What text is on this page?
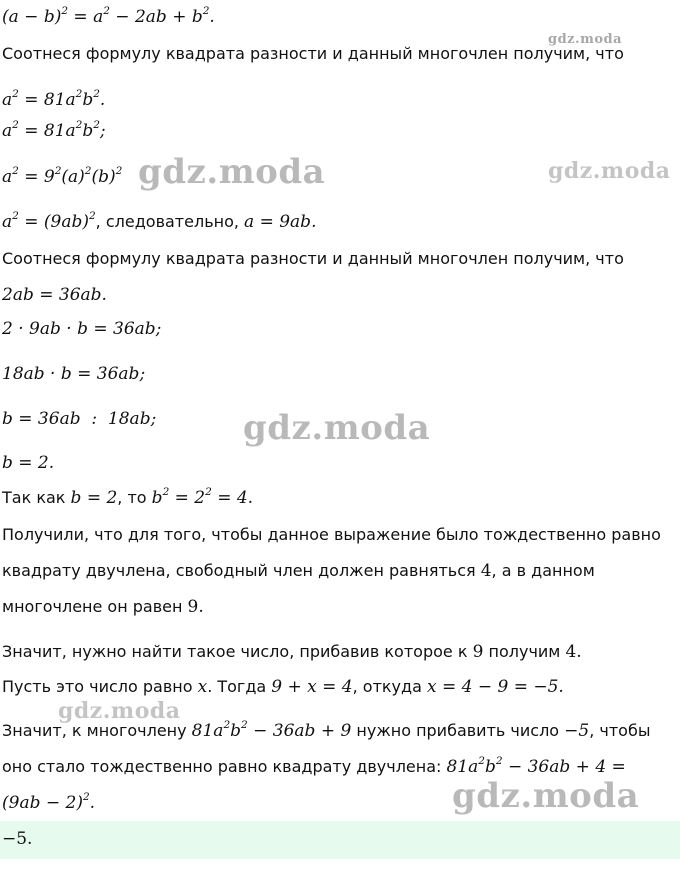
gdz.moda
gdz.moda	gdz.moda
gdz.moda
gdz.moda
gdz.moda
$(a - b)^2 = a^2 - 2ab + b^2$.
Соотнеся формулу квадрата разности и данный многочлен получим, что
$a^2 = 81a^2b^2$.
$a^2 = 81a^2b^2$;
$a^2 = 9^2(a)^2(b)^2$
$a^2 = (9ab)^2$, следовательно, a = 9ab.
Соотнеся формулу квадрата разности и данный многочлен получим, что
2ab = 36ab.
2 · 9ab · b = 36ab;
18ab · b = 36ab;
b = 36ab  :  18ab;
b = 2.
Так как b = 2, то $b^2 = 2^2 = 4$.
Получили, что для того, чтобы данное выражение было тождественно равно
квадрату двучлена, свободный член должен равняться 4, а в данном
многочлене он равен 9.
Значит, нужно найти такое число, прибавив которое к 9 получим 4.
Пусть это число равно x. Тогда 9 + x = 4, откуда x = 4 − 9 = −5.
Значит, к многочлену $81a^2b^2 - 36ab + 9$ нужно прибавить число −5, чтобы
оно стало тождественно равно квадрату двучлена: $81a^2b^2 - 36ab + 4$ =
$(9ab - 2)^2$.
−5.
